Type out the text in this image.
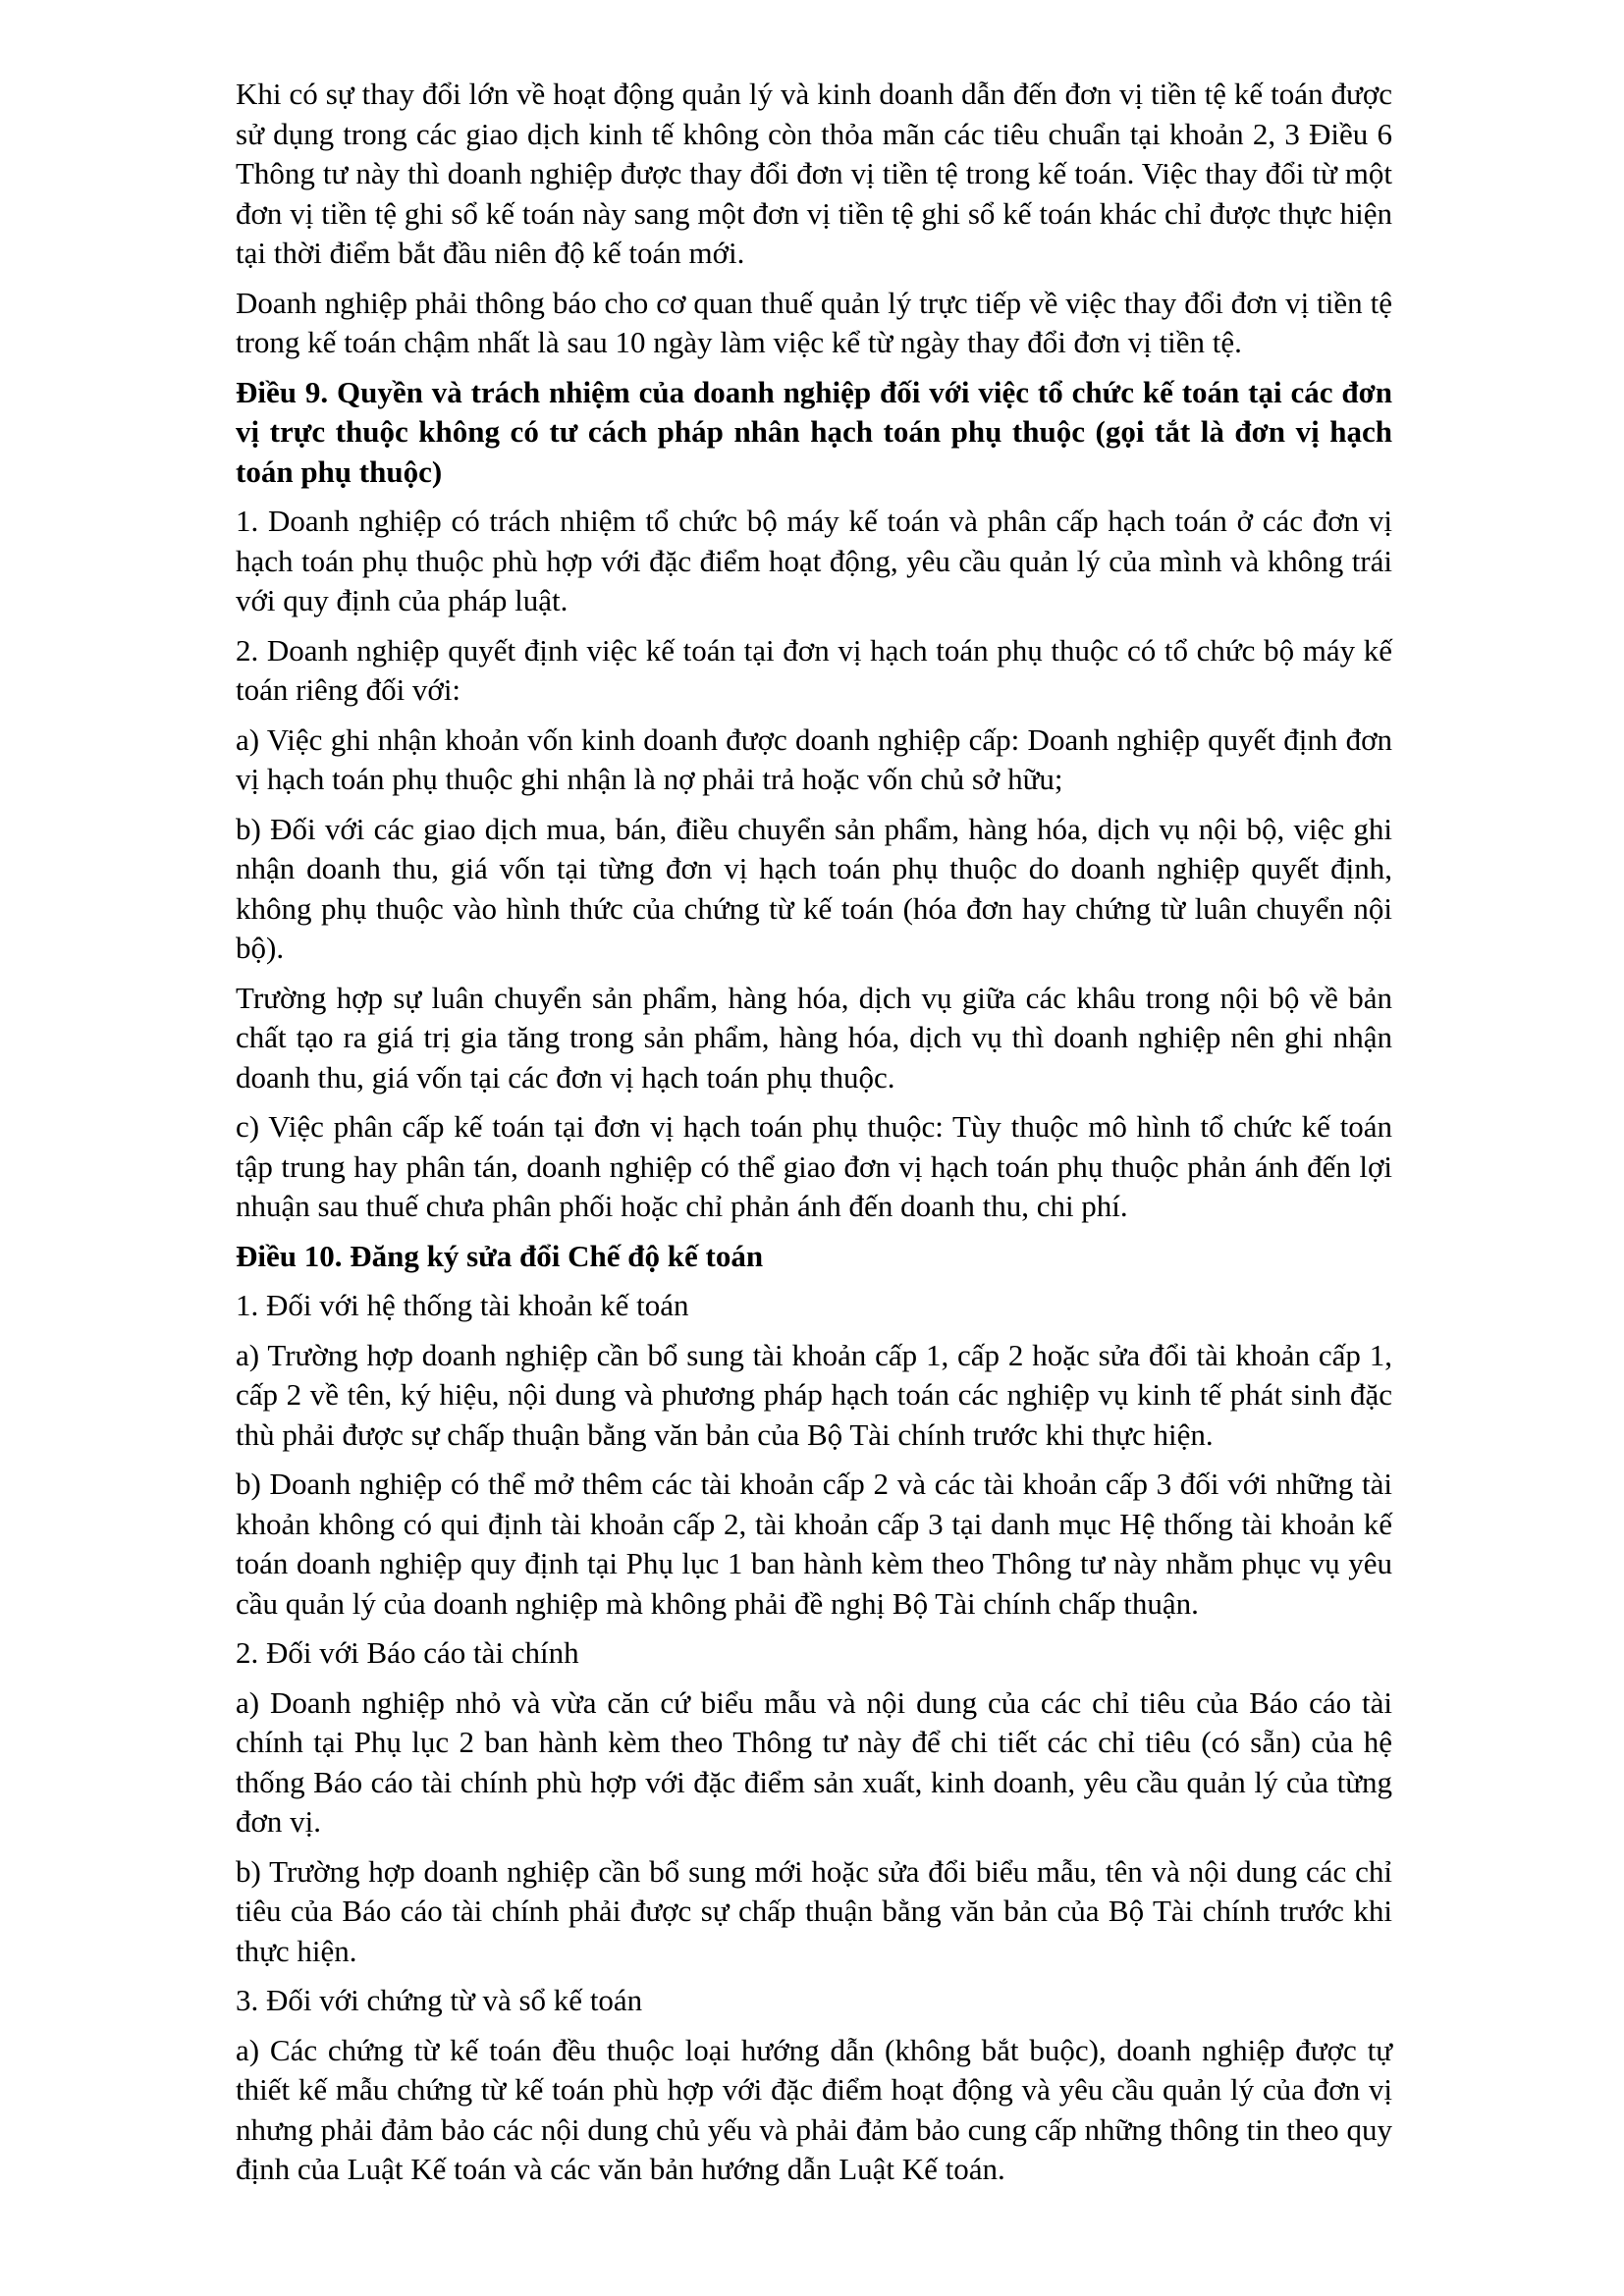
Khi có sự thay đổi lớn về hoạt động quản lý và kinh doanh dẫn đến đơn vị tiền tệ kế toán được sử dụng trong các giao dịch kinh tế không còn thỏa mãn các tiêu chuẩn tại khoản 2, 3 Điều 6 Thông tư này thì doanh nghiệp được thay đổi đơn vị tiền tệ trong kế toán. Việc thay đổi từ một đơn vị tiền tệ ghi sổ kế toán này sang một đơn vị tiền tệ ghi sổ kế toán khác chỉ được thực hiện tại thời điểm bắt đầu niên độ kế toán mới.

Doanh nghiệp phải thông báo cho cơ quan thuế quản lý trực tiếp về việc thay đổi đơn vị tiền tệ trong kế toán chậm nhất là sau 10 ngày làm việc kể từ ngày thay đổi đơn vị tiền tệ.

Điều 9. Quyền và trách nhiệm của doanh nghiệp đối với việc tổ chức kế toán tại các đơn vị trực thuộc không có tư cách pháp nhân hạch toán phụ thuộc (gọi tắt là đơn vị hạch toán phụ thuộc)

1. Doanh nghiệp có trách nhiệm tổ chức bộ máy kế toán và phân cấp hạch toán ở các đơn vị hạch toán phụ thuộc phù hợp với đặc điểm hoạt động, yêu cầu quản lý của mình và không trái với quy định của pháp luật.

2. Doanh nghiệp quyết định việc kế toán tại đơn vị hạch toán phụ thuộc có tổ chức bộ máy kế toán riêng đối với:

a) Việc ghi nhận khoản vốn kinh doanh được doanh nghiệp cấp: Doanh nghiệp quyết định đơn vị hạch toán phụ thuộc ghi nhận là nợ phải trả hoặc vốn chủ sở hữu;

b) Đối với các giao dịch mua, bán, điều chuyển sản phẩm, hàng hóa, dịch vụ nội bộ, việc ghi nhận doanh thu, giá vốn tại từng đơn vị hạch toán phụ thuộc do doanh nghiệp quyết định, không phụ thuộc vào hình thức của chứng từ kế toán (hóa đơn hay chứng từ luân chuyển nội bộ).

Trường hợp sự luân chuyển sản phẩm, hàng hóa, dịch vụ giữa các khâu trong nội bộ về bản chất tạo ra giá trị gia tăng trong sản phẩm, hàng hóa, dịch vụ thì doanh nghiệp nên ghi nhận doanh thu, giá vốn tại các đơn vị hạch toán phụ thuộc.

c) Việc phân cấp kế toán tại đơn vị hạch toán phụ thuộc: Tùy thuộc mô hình tổ chức kế toán tập trung hay phân tán, doanh nghiệp có thể giao đơn vị hạch toán phụ thuộc phản ánh đến lợi nhuận sau thuế chưa phân phối hoặc chỉ phản ánh đến doanh thu, chi phí.

Điều 10. Đăng ký sửa đổi Chế độ kế toán

1. Đối với hệ thống tài khoản kế toán

a) Trường hợp doanh nghiệp cần bổ sung tài khoản cấp 1, cấp 2 hoặc sửa đổi tài khoản cấp 1, cấp 2 về tên, ký hiệu, nội dung và phương pháp hạch toán các nghiệp vụ kinh tế phát sinh đặc thù phải được sự chấp thuận bằng văn bản của Bộ Tài chính trước khi thực hiện.

b) Doanh nghiệp có thể mở thêm các tài khoản cấp 2 và các tài khoản cấp 3 đối với những tài khoản không có qui định tài khoản cấp 2, tài khoản cấp 3 tại danh mục Hệ thống tài khoản kế toán doanh nghiệp quy định tại Phụ lục 1 ban hành kèm theo Thông tư này nhằm phục vụ yêu cầu quản lý của doanh nghiệp mà không phải đề nghị Bộ Tài chính chấp thuận.

2. Đối với Báo cáo tài chính

a) Doanh nghiệp nhỏ và vừa căn cứ biểu mẫu và nội dung của các chỉ tiêu của Báo cáo tài chính tại Phụ lục 2 ban hành kèm theo Thông tư này để chi tiết các chỉ tiêu (có sẵn) của hệ thống Báo cáo tài chính phù hợp với đặc điểm sản xuất, kinh doanh, yêu cầu quản lý của từng đơn vị.

b) Trường hợp doanh nghiệp cần bổ sung mới hoặc sửa đổi biểu mẫu, tên và nội dung các chỉ tiêu của Báo cáo tài chính phải được sự chấp thuận bằng văn bản của Bộ Tài chính trước khi thực hiện.

3. Đối với chứng từ và sổ kế toán

a) Các chứng từ kế toán đều thuộc loại hướng dẫn (không bắt buộc), doanh nghiệp được tự thiết kế mẫu chứng từ kế toán phù hợp với đặc điểm hoạt động và yêu cầu quản lý của đơn vị nhưng phải đảm bảo các nội dung chủ yếu và phải đảm bảo cung cấp những thông tin theo quy định của Luật Kế toán và các văn bản hướng dẫn Luật Kế toán.
